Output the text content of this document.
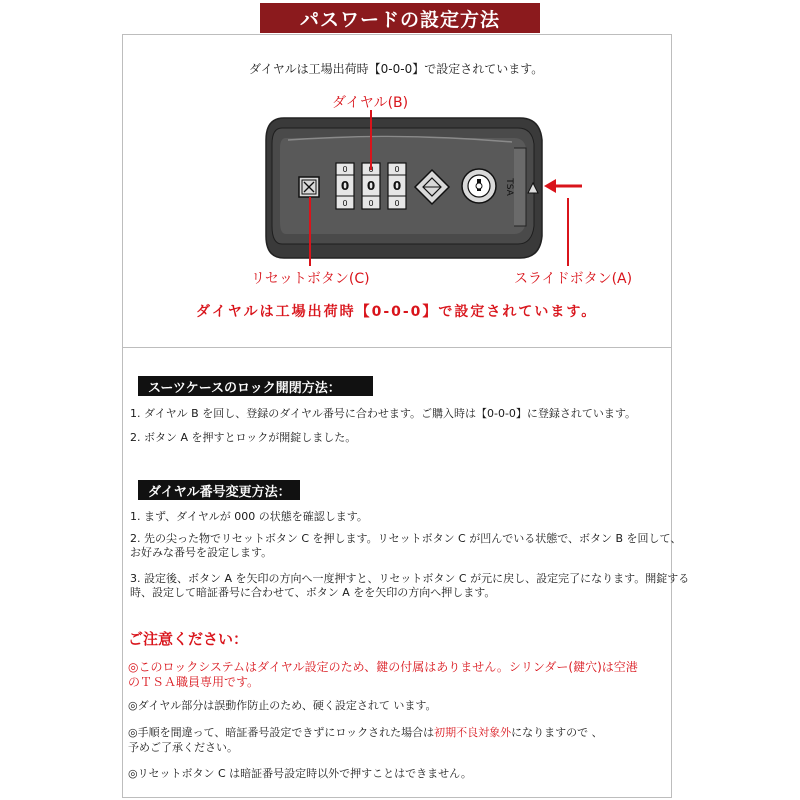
パスワードの設定方法
ダイヤルは工場出荷時【0-0-0】で設定されています。
0
0
0
0
0
0
0
0
0
TSA
ダイヤル(B)
リセットボタン(C)	スライドボタン(A)
ダイヤルは工場出荷時【0-0-0】で設定されています。
スーツケースのロック開閉方法：
1. ダイヤル B を回し、登録のダイヤル番号に合わせます。ご購入時は【0-0-0】に登録されています。
2. ボタン A を押すとロックが開錠しました。
ダイヤル番号変更方法：
1. まず、ダイヤルが 000 の状態を確認します。
2. 先の尖った物でリセットボタン C を押します。リセットボタン C が凹んでいる状態で、ボタン B を回して、
お好みな番号を設定します。
3. 設定後、ボタン A を矢印の方向へ一度押すと、リセットボタン C が元に戻し、設定完了になります。開錠する
時、設定して暗証番号に合わせて、ボタン A をを矢印の方向へ押します。
ご注意ください：
◎このロックシステムはダイヤル設定のため、鍵の付属はありません。シリンダー(鍵穴)は空港
のＴＳＡ職員専用です。
◎ダイヤル部分は誤動作防止のため、硬く設定されて います。
◎手順を間違って、暗証番号設定できずにロックされた場合は初期不良対象外になりますので 、
予めご了承ください。
◎リセットボタン C は暗証番号設定時以外で押すことはできません。
